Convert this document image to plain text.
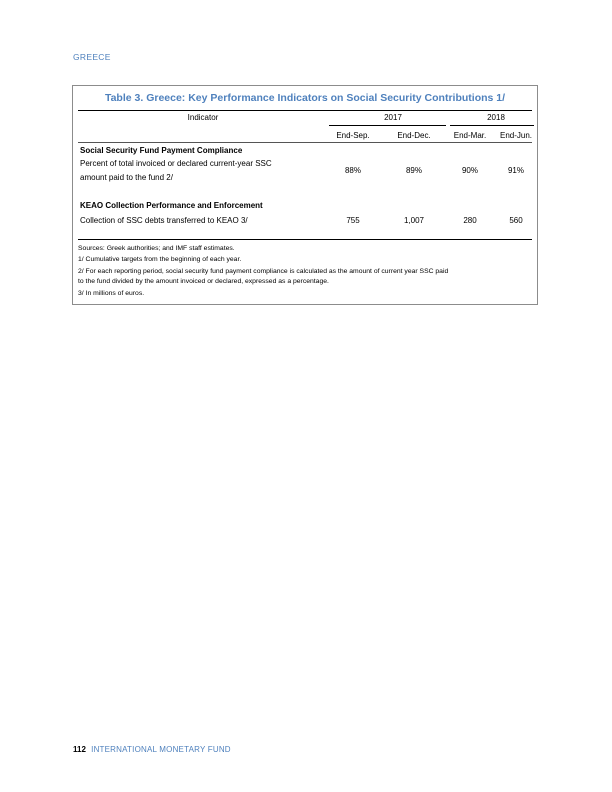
GREECE
Table 3. Greece: Key Performance Indicators on Social Security Contributions 1/
Indicator	2017	2018
End-Sep.	End-Dec.	End-Mar.	End-Jun.
Social Security Fund Payment Compliance
Percent of total invoiced or declared current-year SSC
amount paid to the fund 2/
88%	89%	90%	91%
KEAO Collection Performance and Enforcement
Collection of SSC debts transferred to KEAO 3/	755	1,007	280	560
Sources: Greek authorities; and IMF staff estimates.
1/ Cumulative targets from the beginning of each year.
2/ For each reporting period, social security fund payment compliance is calculated as the amount of current year SSC paid
to the fund divided by the amount invoiced or declared, expressed as a percentage.
3/ In millions of euros.
112 INTERNATIONAL MONETARY FUND
